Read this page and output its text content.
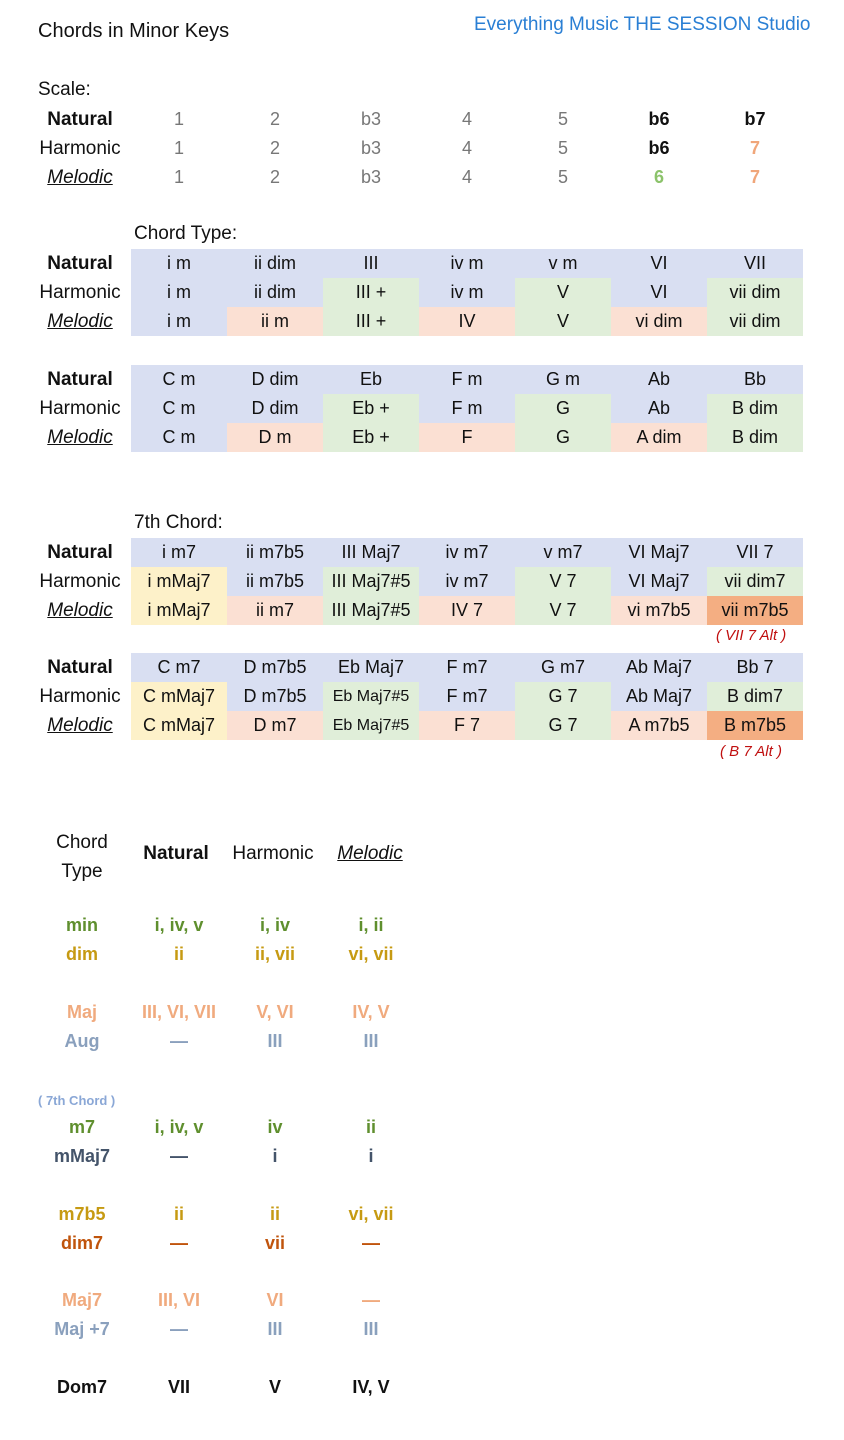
Chords in Minor Keys	Everything Music THE SESSION Studio
Scale:
Natural	1	2	b3	4	5	b6	b7
Harmonic	1	2	b3	4	5	b6	7
Melodic	1	2	b3	4	5	6	7
Chord Type:
Natural	i m	ii dim	III	iv m	v m	VI	VII
Harmonic	i m	ii dim	III +	iv m	V	VI	vii dim
Melodic	i m	ii m	III +	IV	V	vi dim	vii dim
Natural	C m	D dim	Eb	F m	G m	Ab	Bb
Harmonic	C m	D dim	Eb +	F m	G	Ab	B dim
Melodic	C m	D m	Eb +	F	G	A dim	B dim
7th Chord:
Natural	i m7	ii m7b5	III Maj7	iv m7	v m7	VI Maj7	VII 7
Harmonic	i mMaj7	ii m7b5	III Maj7#5	iv m7	V 7	VI Maj7	vii dim7
Melodic	i mMaj7	ii m7	III Maj7#5	IV 7	V 7	vi m7b5	vii m7b5
( VII 7 Alt )
Natural	C m7	D m7b5	Eb Maj7	F m7	G m7	Ab Maj7	Bb 7
Harmonic	C mMaj7	D m7b5	Eb Maj7#5	F m7	G 7	Ab Maj7	B dim7
Melodic	C mMaj7	D m7	Eb Maj7#5	F 7	G 7	A m7b5	B m7b5
( B 7 Alt )
Chord
Type
Natural	Harmonic	Melodic
( 7th Chord )
min	i, iv, v	i, iv	i, ii
dim	ii	ii, vii	vi, vii
Maj	III, VI, VII	V, VI	IV, V
Aug	—	III	III
m7	i, iv, v	iv	ii
mMaj7	—	i	i
m7b5	ii	ii	vi, vii
dim7	—	vii	—
Maj7	III, VI	VI	—
Maj +7	—	III	III
Dom7	VII	V	IV, V
